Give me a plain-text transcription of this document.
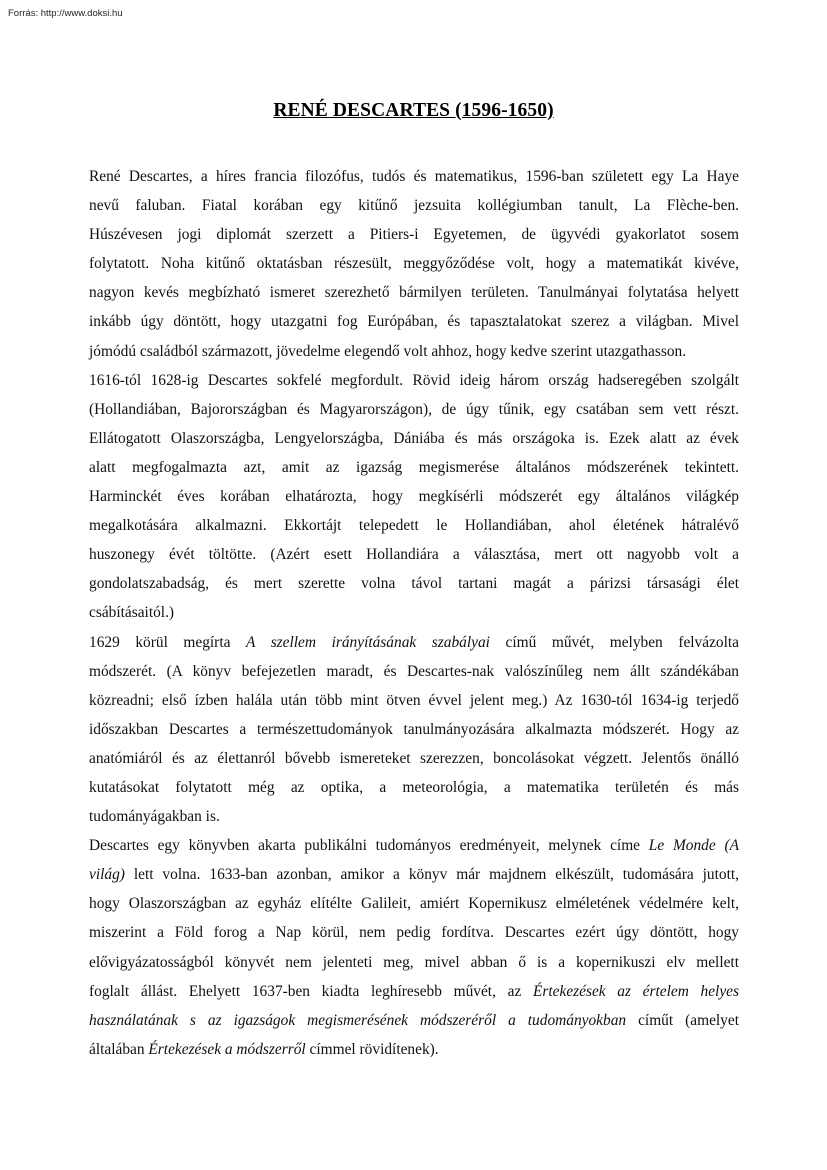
Forrás: http://www.doksi.hu
RENÉ DESCARTES (1596-1650)
René Descartes, a híres francia filozófus, tudós és matematikus, 1596-ban született egy La Haye
nevű faluban. Fiatal korában egy kitűnő jezsuita kollégiumban tanult, La Flèche-ben.
Húszévesen jogi diplomát szerzett a Pitiers-i Egyetemen, de ügyvédi gyakorlatot sosem
folytatott. Noha kitűnő oktatásban részesült, meggyőződése volt, hogy a matematikát kivéve,
nagyon kevés megbízható ismeret szerezhető bármilyen területen. Tanulmányai folytatása helyett
inkább úgy döntött, hogy utazgatni fog Európában, és tapasztalatokat szerez a világban. Mivel
jómódú családból származott, jövedelme elegendő volt ahhoz, hogy kedve szerint utazgathasson.
1616-tól 1628-ig Descartes sokfelé megfordult. Rövid ideig három ország hadseregében szolgált
(Hollandiában, Bajorországban és Magyarországon), de úgy tűnik, egy csatában sem vett részt.
Ellátogatott Olaszországba, Lengyelországba, Dániába és más országoka is. Ezek alatt az évek
alatt megfogalmazta azt, amit az igazság megismerése általános módszerének tekintett.
Harminckét éves korában elhatározta, hogy megkísérli módszerét egy általános világkép
megalkotására alkalmazni. Ekkortájt telepedett le Hollandiában, ahol életének hátralévő
huszonegy évét töltötte. (Azért esett Hollandiára a választása, mert ott nagyobb volt a
gondolatszabadság, és mert szerette volna távol tartani magát a párizsi társasági élet
csábításaitól.)
1629 körül megírta A szellem irányításának szabályai című művét, melyben felvázolta
módszerét. (A könyv befejezetlen maradt, és Descartes-nak valószínűleg nem állt szándékában
közreadni; első ízben halála után több mint ötven évvel jelent meg.) Az 1630-tól 1634-ig terjedő
időszakban Descartes a természettudományok tanulmányozására alkalmazta módszerét. Hogy az
anatómiáról és az élettanról bővebb ismereteket szerezzen, boncolásokat végzett. Jelentős önálló
kutatásokat folytatott még az optika, a meteorológia, a matematika területén és más
tudományágakban is.
Descartes egy könyvben akarta publikálni tudományos eredményeit, melynek címe Le Monde (A
világ) lett volna. 1633-ban azonban, amikor a könyv már majdnem elkészült, tudomására jutott,
hogy Olaszországban az egyház elítélte Galileit, amiért Kopernikusz elméletének védelmére kelt,
miszerint a Föld forog a Nap körül, nem pedig fordítva. Descartes ezért úgy döntött, hogy
elővigyázatosságból könyvét nem jelenteti meg, mivel abban ő is a kopernikuszi elv mellett
foglalt állást. Ehelyett 1637-ben kiadta leghíresebb művét, az Értekezések az értelem helyes
használatának s az igazságok megismerésének módszeréről a tudományokban címűt (amelyet
általában Értekezések a módszerről címmel rövidítenek).
